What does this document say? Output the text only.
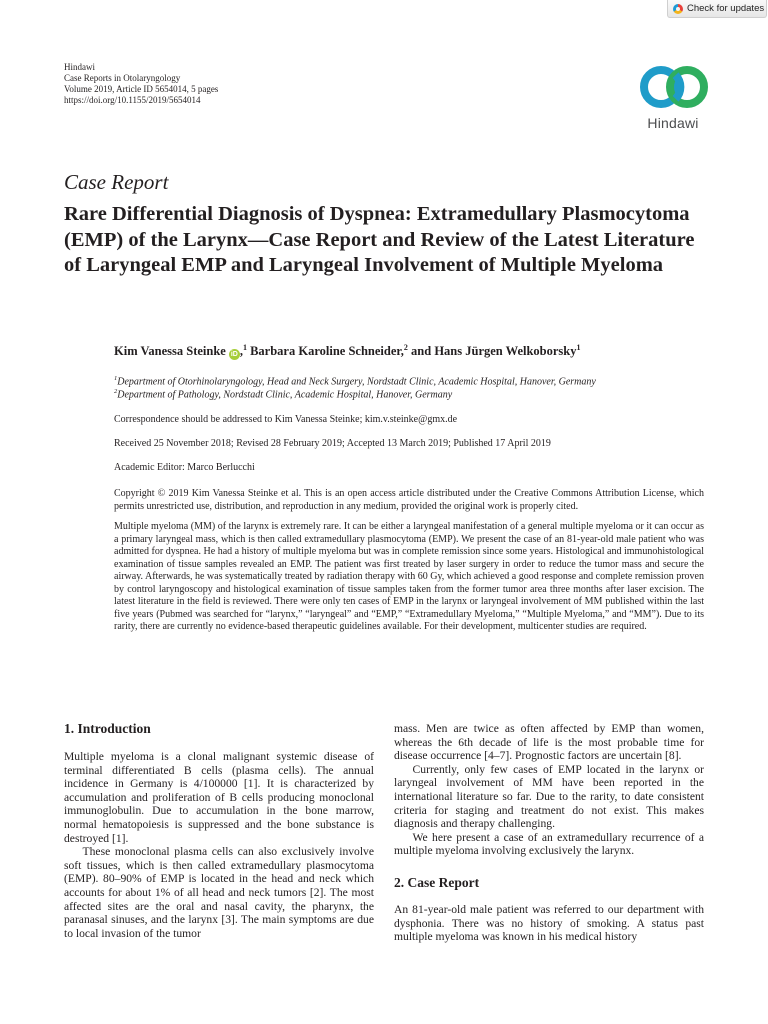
Check for updates
Hindawi
Case Reports in Otolaryngology
Volume 2019, Article ID 5654014, 5 pages
https://doi.org/10.1155/2019/5654014
Hindawi
Case Report
Rare Differential Diagnosis of Dyspnea: Extramedullary Plasmocytoma (EMP) of the Larynx—Case Report and Review of the Latest Literature of Laryngeal EMP and Laryngeal Involvement of Multiple Myeloma
Kim Vanessa Steinke iD ,$^1$ Barbara Karoline Schneider,$^2$ and Hans Jürgen Welkoborsky$^1$
$^1$Department of Otorhinolaryngology, Head and Neck Surgery, Nordstadt Clinic, Academic Hospital, Hanover, Germany
$^2$Department of Pathology, Nordstadt Clinic, Academic Hospital, Hanover, Germany
Correspondence should be addressed to Kim Vanessa Steinke; kim.v.steinke@gmx.de
Received 25 November 2018; Revised 28 February 2019; Accepted 13 March 2019; Published 17 April 2019
Academic Editor: Marco Berlucchi
Copyright © 2019 Kim Vanessa Steinke et al. This is an open access article distributed under the Creative Commons Attribution License, which permits unrestricted use, distribution, and reproduction in any medium, provided the original work is properly cited.
Multiple myeloma (MM) of the larynx is extremely rare. It can be either a laryngeal manifestation of a general multiple myeloma or it can occur as a primary laryngeal mass, which is then called extramedullary plasmocytoma (EMP). We present the case of an 81-year-old male patient who was admitted for dyspnea. He had a history of multiple myeloma but was in complete remission since some years. Histological and immunohistological examination of tissue samples revealed an EMP. The patient was first treated by laser surgery in order to reduce the tumor mass and secure the airway. Afterwards, he was systematically treated by radiation therapy with 60 Gy, which achieved a good response and complete remission proven by control laryngoscopy and histological examination of tissue samples taken from the former tumor area three months after laser excision. The latest literature in the field is reviewed. There were only ten cases of EMP in the larynx or laryngeal involvement of MM published within the last five years (Pubmed was searched for “larynx,” “laryngeal” and “EMP,” “Extramedullary Myeloma,” “Multiple Myeloma,” and “MM”). Due to its rarity, there are currently no evidence-based therapeutic guidelines available. For their development, multicenter studies are required.
1. Introduction

Multiple myeloma is a clonal malignant systemic disease of terminal differentiated B cells (plasma cells). The annual incidence in Germany is 4/100000 [1]. It is characterized by accumulation and proliferation of B cells producing monoclonal immunoglobulin. Due to accumulation in the bone marrow, normal hematopoiesis is suppressed and the bone substance is destroyed [1].

These monoclonal plasma cells can also exclusively involve soft tissues, which is then called extramedullary plasmocytoma (EMP). 80–90% of EMP is located in the head and neck which accounts for about 1% of all head and neck tumors [2]. The most affected sites are the oral and nasal cavity, the pharynx, the paranasal sinuses, and the larynx [3]. The main symptoms are due to local invasion of the tumor

mass. Men are twice as often affected by EMP than women, whereas the 6th decade of life is the most probable time for disease occurrence [4–7]. Prognostic factors are uncertain [8].

Currently, only few cases of EMP located in the larynx or laryngeal involvement of MM have been reported in the international literature so far. Due to the rarity, to date consistent criteria for staging and treatment do not exist. This makes diagnosis and therapy challenging.

We here present a case of an extramedullary recurrence of a multiple myeloma involving exclusively the larynx.

2. Case Report

An 81-year-old male patient was referred to our department with dysphonia. There was no history of smoking. A status past multiple myeloma was known in his medical history
